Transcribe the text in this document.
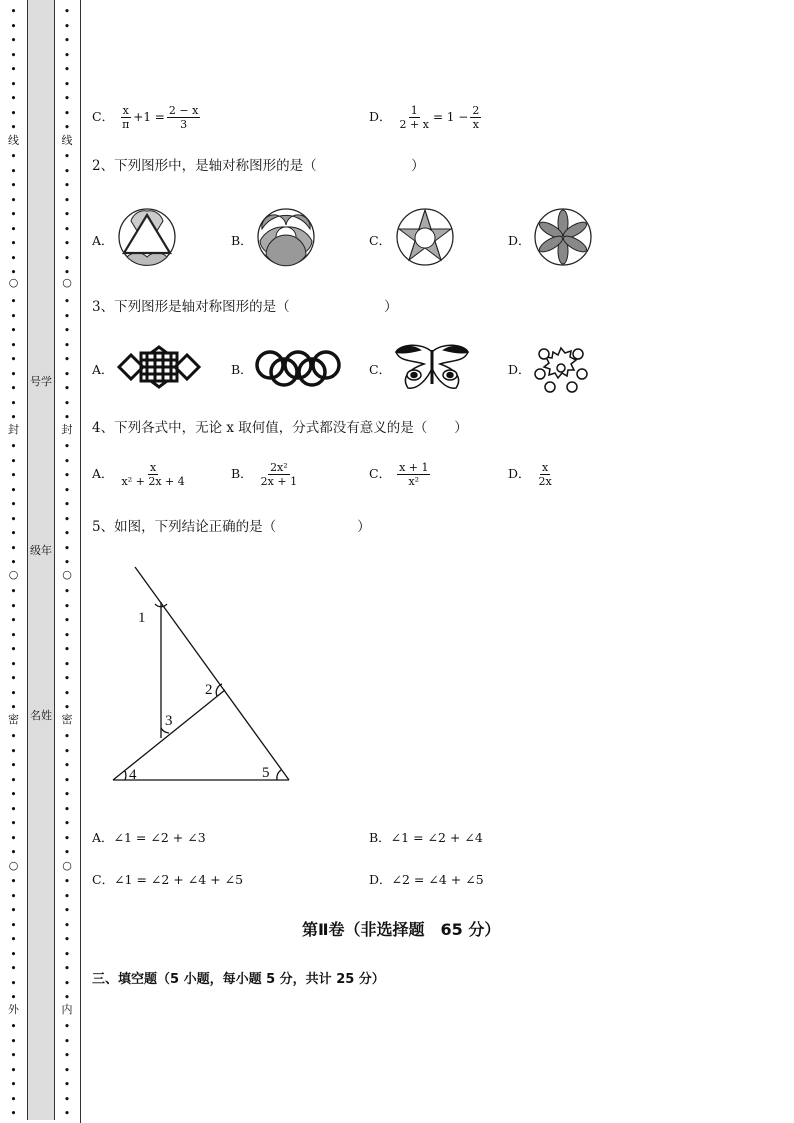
•
•
•
•
•
•
•
•
•
•
•
•
•
•
•
•
•
•
•
•
•
•
•
•
•
•
•
•
•
•
•
•
•
•
•
•
•
•
•
•
•
•
•
•
•
•
•
•
•
•
•
•
•
•
•
•
•
•
•
•
•
•
•
•
•
•
•
•
•
•
线
封
密
外
○
○
○
号学
级年
名姓
•
•
•
•
•
•
•
•
•
•
•
•
•
•
•
•
•
•
•
•
•
•
•
•
•
•
•
•
•
•
•
•
•
•
•
•
•
•
•
•
•
•
•
•
•
•
•
•
•
•
•
•
•
•
•
•
•
•
•
•
•
•
•
•
•
•
•
•
•
•
线
封
密
内
○
○
○
C． $\frac{x}{\pi} +1 = \frac{2 - x}{3}$	D． $\frac{1}{2 + x} = 1 - \frac{2}{x}$
2、下列图形中，是轴对称图形的是（　　　　　　　）
A．	B．	C．	D．
3、下列图形是轴对称图形的是（　　　　　　　）
A．	B．	C．	D．
4、下列各式中，无论 x 取何值，分式都没有意义的是（　　）
A． $\frac{x}{\text{x² + 2x + 4}}$	B． $\frac{\text{2x²}}{2x + 1}$	C． $\frac{x + 1}{\text{x²}}$	D． $\frac{x}{2x}$
5、如图，下列结论正确的是（　　　　　　）
1
2
3
4	5
A．∠1 = ∠2 + ∠3	B．∠1 = ∠2 + ∠4
C．∠1 = ∠2 + ∠4 + ∠5	D．∠2 = ∠4 + ∠5
第Ⅱ卷（非选择题　65 分）
三、填空题（5 小题，每小题 5 分，共计 25 分）
